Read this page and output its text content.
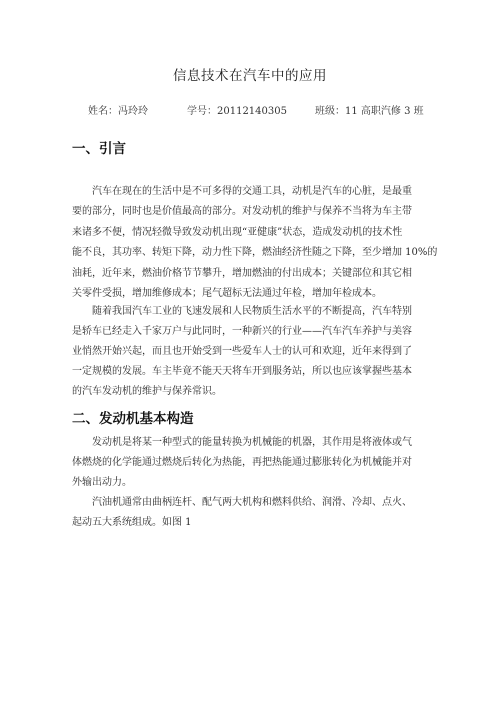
信息技术在汽车中的应用
姓名：冯玲玲	学号：20112140305	班级：11 高职汽修 3 班
一、引言
汽车在现在的生活中是不可多得的交通工具，动机是汽车的心脏，是最重
要的部分，同时也是价值最高的部分。对发动机的维护与保养不当将为车主带
来诸多不便，情况轻微导致发动机出现“亚健康”状态，造成发动机的技术性
能不良，其功率、转矩下降，动力性下降，燃油经济性随之下降，至少增加 10%的
油耗，近年来，燃油价格节节攀升，增加燃油的付出成本；关键部位和其它相
关零件受损，增加维修成本；尾气超标无法通过年检，增加年检成本。
随着我国汽车工业的飞速发展和人民物质生活水平的不断提高，汽车特别
是轿车已经走入千家万户与此同时，一种新兴的行业——汽车汽车养护与美容
业悄然开始兴起，而且也开始受到一些爱车人士的认可和欢迎，近年来得到了
一定规模的发展。车主毕竟不能天天将车开到服务站，所以也应该掌握些基本
的汽车发动机的维护与保养常识。
二、发动机基本构造
发动机是将某一种型式的能量转换为机械能的机器，其作用是将液体或气
体燃烧的化学能通过燃烧后转化为热能，再把热能通过膨胀转化为机械能并对
外输出动力。
汽油机通常由曲柄连杆、配气两大机构和燃料供给、润滑、冷却、点火、
起动五大系统组成。如图 1
